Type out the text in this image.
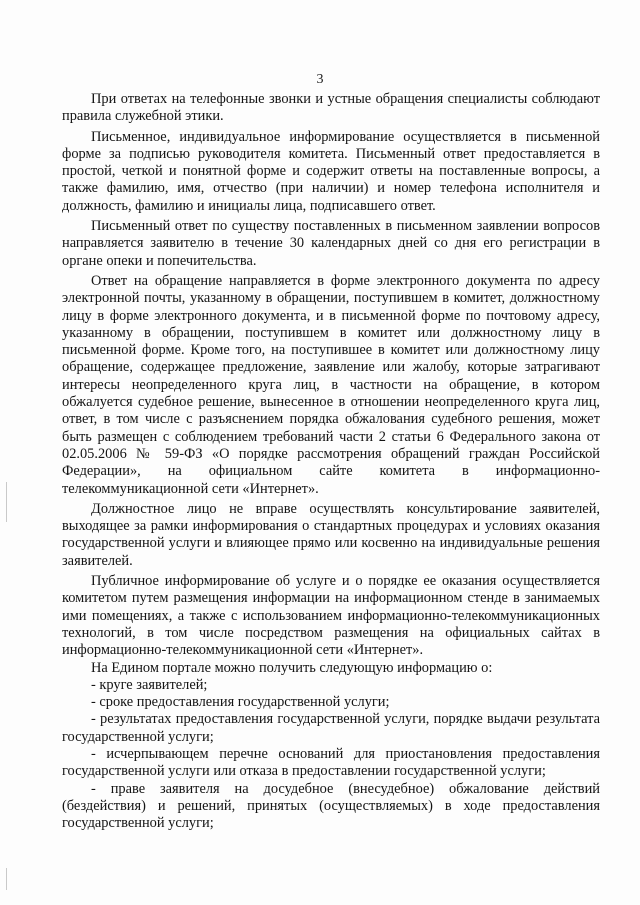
3

При ответах на телефонные звонки и устные обращения специалисты соблюдают правила служебной этики.

Письменное, индивидуальное информирование осуществляется в письменной форме за подписью руководителя комитета. Письменный ответ предоставляется в простой, четкой и понятной форме и содержит ответы на поставленные вопросы, а также фамилию, имя, отчество (при наличии) и номер телефона исполнителя и должность, фамилию и инициалы лица, подписавшего ответ.

Письменный ответ по существу поставленных в письменном заявлении вопросов направляется заявителю в течение 30 календарных дней со дня его регистрации в органе опеки и попечительства.

Ответ на обращение направляется в форме электронного документа по адресу электронной почты, указанному в обращении, поступившем в комитет, должностному лицу в форме электронного документа, и в письменной форме по почтовому адресу, указанному в обращении, поступившем в комитет или должностному лицу в письменной форме. Кроме того, на поступившее в комитет или должностному лицу обращение, содержащее предложение, заявление или жалобу, которые затрагивают интересы неопределенного круга лиц, в частности на обращение, в котором обжалуется судебное решение, вынесенное в отношении неопределенного круга лиц, ответ, в том числе с разъяснением порядка обжалования судебного решения, может быть размещен с соблюдением требований части 2 статьи 6 Федерального закона от 02.05.2006 № 59-ФЗ «О порядке рассмотрения обращений граждан Российской Федерации», на официальном сайте комитета в информационно-телекоммуникационной сети «Интернет».

Должностное лицо не вправе осуществлять консультирование заявителей, выходящее за рамки информирования о стандартных процедурах и условиях оказания государственной услуги и влияющее прямо или косвенно на индивидуальные решения заявителей.

Публичное информирование об услуге и о порядке ее оказания осуществляется комитетом путем размещения информации на информационном стенде в занимаемых ими помещениях, а также с использованием информационно-телекоммуникационных технологий, в том числе посредством размещения на официальных сайтах в информационно-телекоммуникационной сети «Интернет».

На Едином портале можно получить следующую информацию о:

- круге заявителей;

- сроке предоставления государственной услуги;

- результатах предоставления государственной услуги, порядке выдачи результата государственной услуги;

- исчерпывающем перечне оснований для приостановления предоставления государственной услуги или отказа в предоставлении государственной услуги;

- праве заявителя на досудебное (внесудебное) обжалование действий (бездействия) и решений, принятых (осуществляемых) в ходе предоставления государственной услуги;
